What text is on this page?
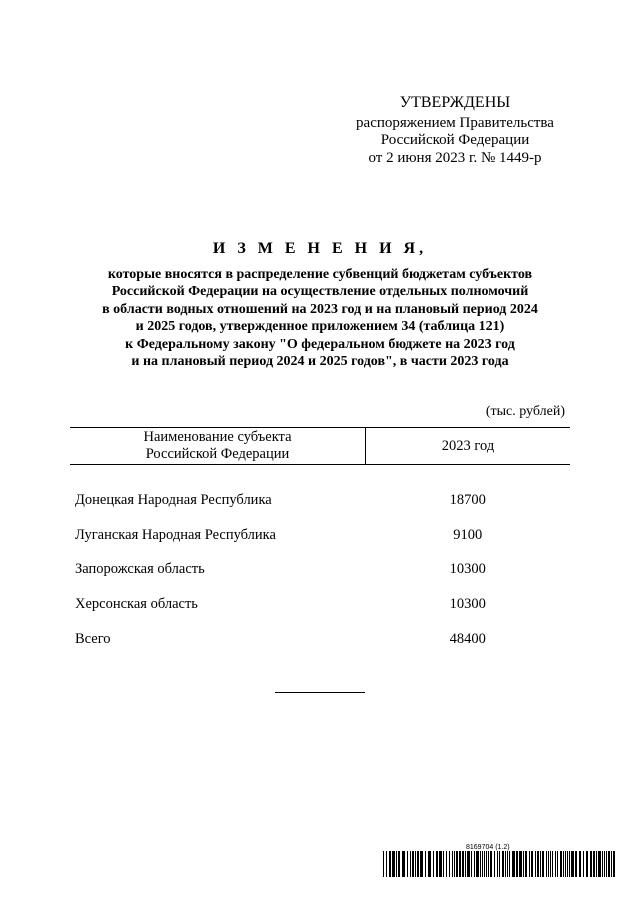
УТВЕРЖДЕНЫ
распоряжением Правительства
Российской Федерации
от 2 июня 2023 г. № 1449-р
И З М Е Н Е Н И Я,
которые вносятся в распределение субвенций бюджетам субъектов
Российской Федерации на осуществление отдельных полномочий
в области водных отношений на 2023 год и на плановый период 2024
и 2025 годов, утвержденное приложением 34 (таблица 121)
к Федеральному закону "О федеральном бюджете на 2023 год
и на плановый период 2024 и 2025 годов", в части 2023 года
(тыс. рублей)
Наименование субъекта
Российской Федерации	2023 год
Донецкая Народная Республика	18700
Луганская Народная Республика	9100
Запорожская область	10300
Херсонская область	10300
Всего	48400
8169704 (1.2)
